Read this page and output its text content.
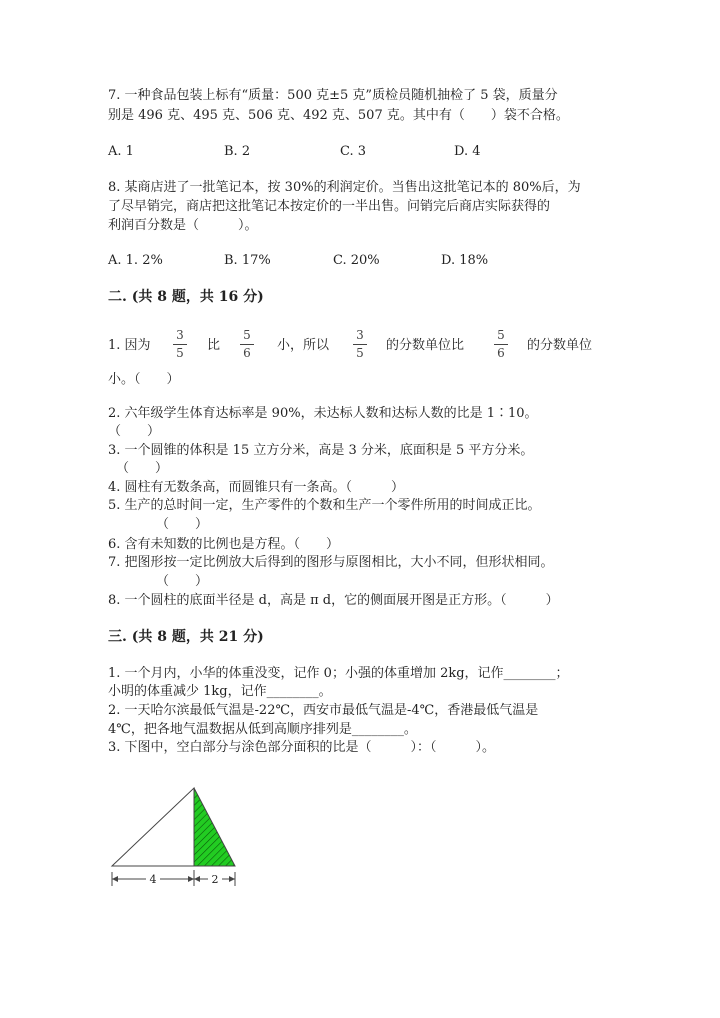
7. 一种食品包装上标有“质量：500 克±5 克”质检员随机抽检了 5 袋，质量分
别是 496 克、495 克、506 克、492 克、507 克。其中有（　　）袋不合格。
A. 1	B. 2	C. 3	D. 4
8. 某商店进了一批笔记本，按 30%的利润定价。当售出这批笔记本的 80%后，为
了尽早销完，商店把这批笔记本按定价的一半出售。问销完后商店实际获得的
利润百分数是（　　　）。
A. 1. 2%	B. 17%	C. 20%	D. 18%
二. (共 8 题，共 16 分)
1. 因为
3
5 比
5
6 小，所以
3
5 的分数单位比
5
6 的分数单位
小。（　　）
2. 六年级学生体育达标率是 90%，未达标人数和达标人数的比是 1∶10。
（　　）
3. 一个圆锥的体积是 15 立方分米，高是 3 分米，底面积是 5 平方分米。
（　　）
4. 圆柱有无数条高，而圆锥只有一条高。（　　　）
5. 生产的总时间一定，生产零件的个数和生产一个零件所用的时间成正比。
（　　）
6. 含有未知数的比例也是方程。（　　）
7. 把图形按一定比例放大后得到的图形与原图相比，大小不同，但形状相同。
（　　）
8. 一个圆柱的底面半径是 d，高是 π d，它的侧面展开图是正方形。（　　　）
三. (共 8 题，共 21 分)
1. 一个月内，小华的体重没变，记作 0；小强的体重增加 2kg，记作________；
小明的体重减少 1kg，记作________。
2. 一天哈尔滨最低气温是-22℃，西安市最低气温是-4℃，香港最低气温是
4℃，把各地气温数据从低到高顺序排列是________。
3. 下图中，空白部分与涂色部分面积的比是（　　　）：（　　　）。
4	2
